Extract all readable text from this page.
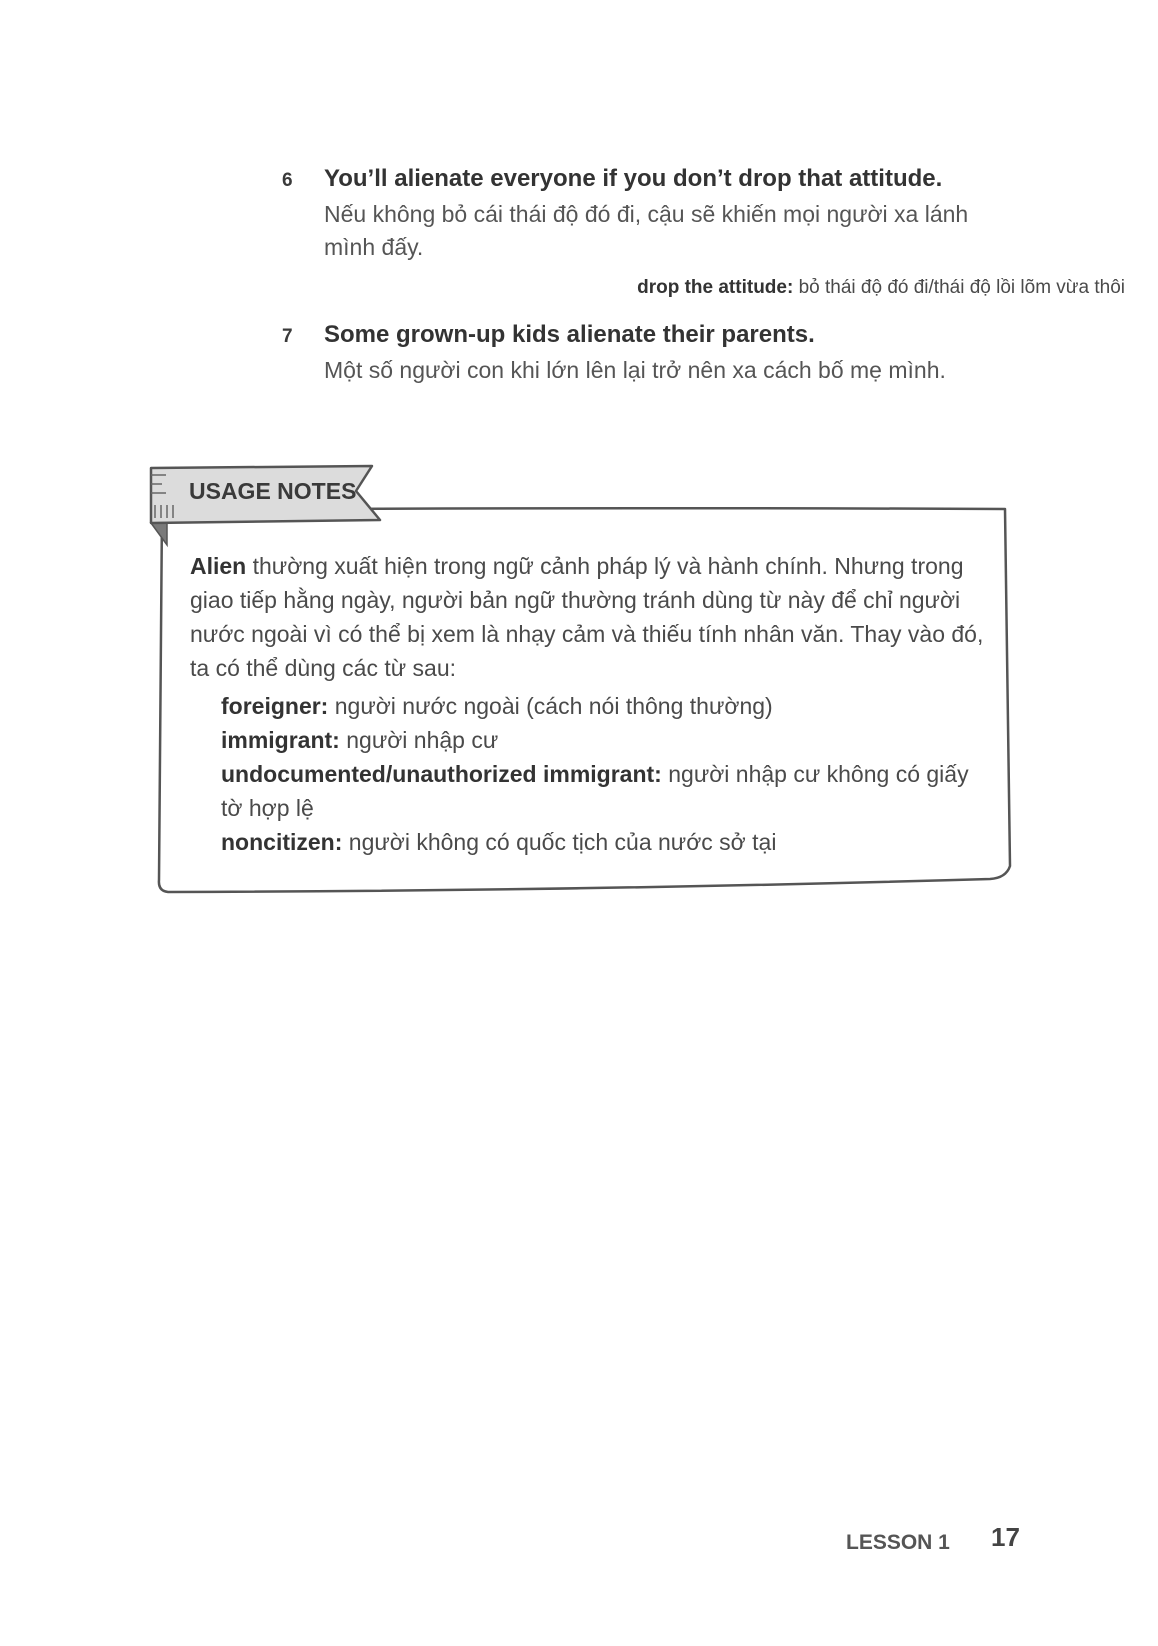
6	You’ll alienate everyone if you don’t drop that attitude.
Nếu không bỏ cái thái độ đó đi, cậu sẽ khiến mọi người xa lánh mình đấy.
drop the attitude: bỏ thái độ đó đi/thái độ lồi lõm vừa thôi
7	Some grown-up kids alienate their parents.
Một số người con khi lớn lên lại trở nên xa cách bố mẹ mình.
USAGE NOTES
Alien thường xuất hiện trong ngữ cảnh pháp lý và hành chính. Nhưng trong giao tiếp hằng ngày, người bản ngữ thường tránh dùng từ này để chỉ người nước ngoài vì có thể bị xem là nhạy cảm và thiếu tính nhân văn. Thay vào đó, ta có thể dùng các từ sau:
foreigner: người nước ngoài (cách nói thông thường)
immigrant: người nhập cư
undocumented/unauthorized immigrant: người nhập cư không có giấy tờ hợp lệ
noncitizen: người không có quốc tịch của nước sở tại
LESSON 1 17
